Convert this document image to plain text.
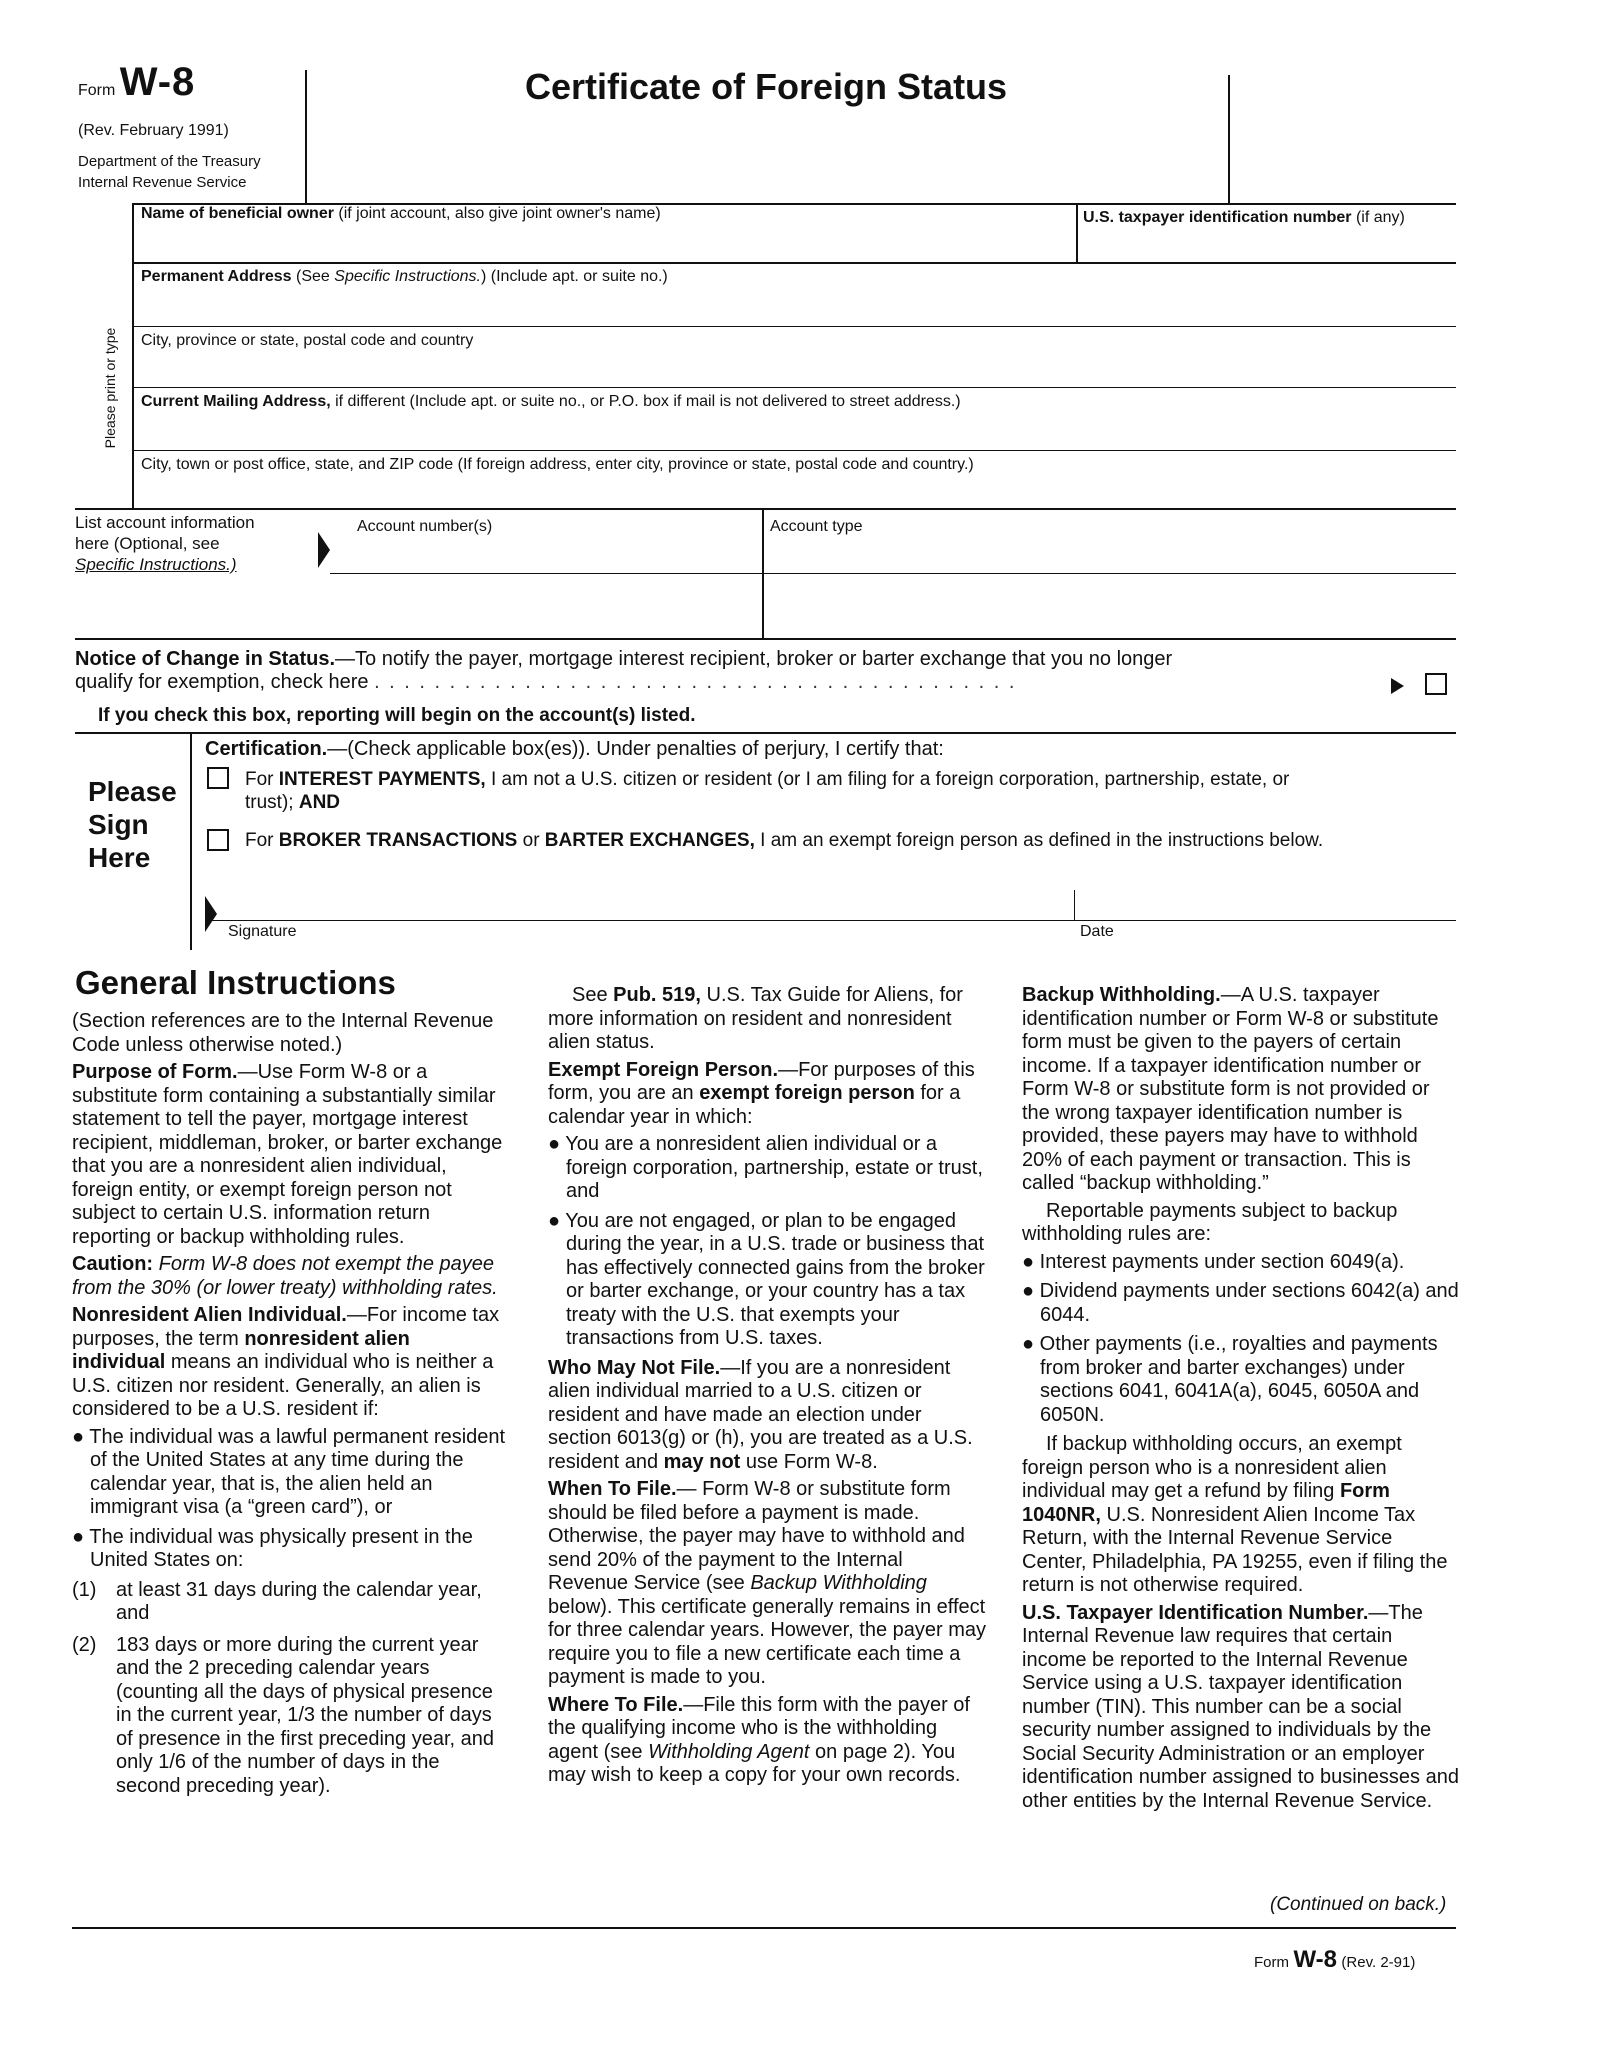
Form W-8
(Rev. February 1991)
Department of the Treasury
Internal Revenue Service
Certificate of Foreign Status
Please print or type
Name of beneficial owner (if joint account, also give joint owner's name)	U.S. taxpayer identification number (if any)
Permanent Address (See Specific Instructions.) (Include apt. or suite no.)
City, province or state, postal code and country
Current Mailing Address, if different (Include apt. or suite no., or P.O. box if mail is not delivered to street address.)
City, town or post office, state, and ZIP code (If foreign address, enter city, province or state, postal code and country.)
List account information
here (Optional, see
Specific Instructions.)
Account number(s)	Account type
Notice of Change in Status.—To notify the payer, mortgage interest recipient, broker or barter exchange that you no longer
qualify for exemption, check here . . . . . . . . . . . . . . . . . . . . . . . . . . . . . . . . . . . . . . . . . . .
If you check this box, reporting will begin on the account(s) listed.
Please
Sign
Here
Certification.—(Check applicable box(es)). Under penalties of perjury, I certify that:
For INTEREST PAYMENTS, I am not a U.S. citizen or resident (or I am filing for a foreign corporation, partnership, estate, or
trust); AND
For BROKER TRANSACTIONS or BARTER EXCHANGES, I am an exempt foreign person as defined in the instructions below.
Signature	Date
General Instructions

(Section references are to the Internal Revenue Code unless otherwise noted.)

Purpose of Form.—Use Form W-8 or a substitute form containing a substantially similar statement to tell the payer, mortgage interest recipient, middleman, broker, or barter exchange that you are a nonresident alien individual, foreign entity, or exempt foreign person not subject to certain U.S. information return reporting or backup withholding rules.

Caution: Form W-8 does not exempt the payee from the 30% (or lower treaty) withholding rates.

Nonresident Alien Individual.—For income tax purposes, the term nonresident alien individual means an individual who is neither a U.S. citizen nor resident. Generally, an alien is considered to be a U.S. resident if:

● The individual was a lawful permanent resident of the United States at any time during the calendar year, that is, the alien held an immigrant visa (a “green card”), or

● The individual was physically present in the United States on:

(1) at least 31 days during the calendar year, and

(2) 183 days or more during the current year and the 2 preceding calendar years (counting all the days of physical presence in the current year, 1/3 the number of days of presence in the first preceding year, and only 1/6 of the number of days in the second preceding year).

See Pub. 519, U.S. Tax Guide for Aliens, for more information on resident and nonresident alien status.

Exempt Foreign Person.—For purposes of this form, you are an exempt foreign person for a calendar year in which:

● You are a nonresident alien individual or a foreign corporation, partnership, estate or trust, and

● You are not engaged, or plan to be engaged during the year, in a U.S. trade or business that has effectively connected gains from the broker or barter exchange, or your country has a tax treaty with the U.S. that exempts your transactions from U.S. taxes.

Who May Not File.—If you are a nonresident alien individual married to a U.S. citizen or resident and have made an election under section 6013(g) or (h), you are treated as a U.S. resident and may not use Form W-8.

When To File.— Form W-8 or substitute form should be filed before a payment is made. Otherwise, the payer may have to withhold and send 20% of the payment to the Internal Revenue Service (see Backup Withholding below). This certificate generally remains in effect for three calendar years. However, the payer may require you to file a new certificate each time a payment is made to you.

Where To File.—File this form with the payer of the qualifying income who is the withholding agent (see Withholding Agent on page 2). You may wish to keep a copy for your own records.

Backup Withholding.—A U.S. taxpayer identification number or Form W-8 or substitute form must be given to the payers of certain income. If a taxpayer identification number or Form W-8 or substitute form is not provided or the wrong taxpayer identification number is provided, these payers may have to withhold 20% of each payment or transaction. This is called “backup withholding.”

Reportable payments subject to backup withholding rules are:

● Interest payments under section 6049(a).

● Dividend payments under sections 6042(a) and 6044.

● Other payments (i.e., royalties and payments from broker and barter exchanges) under sections 6041, 6041A(a), 6045, 6050A and 6050N.

If backup withholding occurs, an exempt foreign person who is a nonresident alien individual may get a refund by filing Form 1040NR, U.S. Nonresident Alien Income Tax Return, with the Internal Revenue Service Center, Philadelphia, PA 19255, even if filing the return is not otherwise required.

U.S. Taxpayer Identification Number.—The Internal Revenue law requires that certain income be reported to the Internal Revenue Service using a U.S. taxpayer identification number (TIN). This number can be a social security number assigned to individuals by the Social Security Administration or an employer identification number assigned to businesses and other entities by the Internal Revenue Service.

(Continued on back.)
Form W-8 (Rev. 2-91)
